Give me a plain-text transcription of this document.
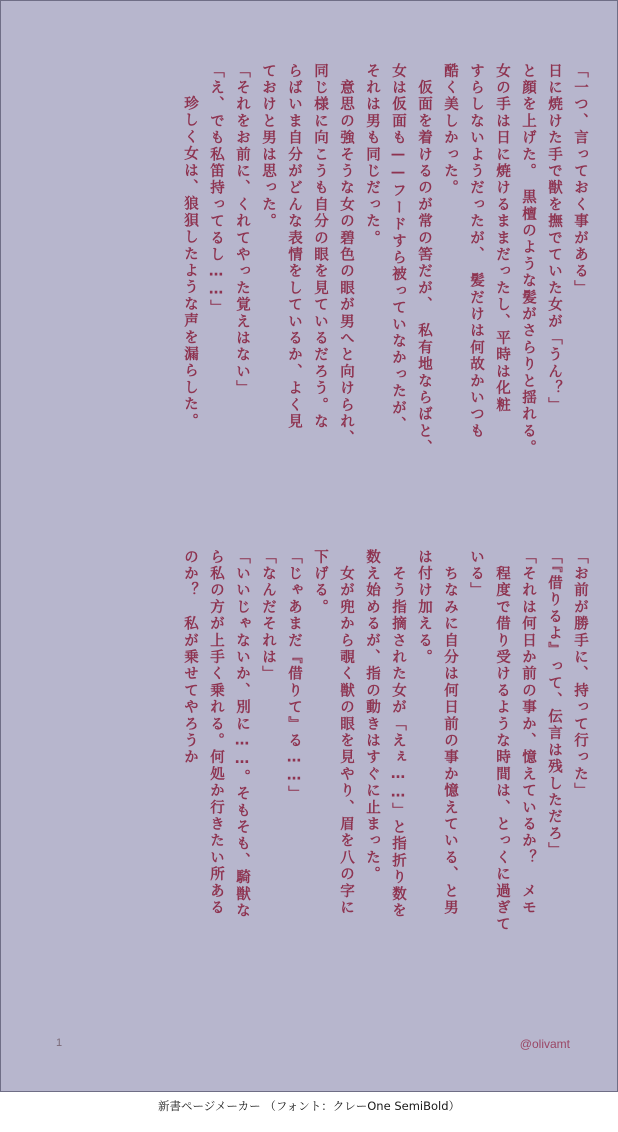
「一つ、言っておく事がある」
日に焼けた手で獣を撫でていた女が「うん？」
と顔を上げた。　黒檀のような髪がさらりと揺れる。
女の手は日に焼けるままだったし、平時は化粧
すらしないようだったが、　髪だけは何故かいつも
酷く美しかった。
　仮面を着けるのが常の筈だが、　私有地ならばと、
女は仮面も——フードすら被っていなかったが、
それは男も同じだった。
　意思の強そうな女の碧色の眼が男へと向けられ、
同じ様に向こうも自分の眼を見ているだろう。な
らばいま自分がどんな表情をしているか、よく見
ておけと男は思った。
「それをお前に、くれてやった覚えはない」
「え、でも私笛持ってるし……」
　珍しく女は、狼狽したような声を漏らした。
「お前が勝手に、持って行った」
「『借りるよ』って、伝言は残しただろ」
「それは何日か前の事か、憶えているか？　メモ
　程度で借り受けるような時間は、とっくに過ぎて
いる」
　ちなみに自分は何日前の事か憶えている、と男
は付け加える。
　そう指摘された女が「えぇ……」と指折り数を
数え始めるが、指の動きはすぐに止まった。
　女が兜から覗く獣の眼を見やり、眉を八の字に
下げる。
「じゃあまだ『借りて』る……」
「なんだそれは」
「いいじゃないか、別に……。そもそも、騎獣な
ら私の方が上手く乗れる。何処か行きたい所ある
のか？　私が乗せてやろうか
1	@olivamt
新書ページメーカー （フォント：クレーOne SemiBold）
